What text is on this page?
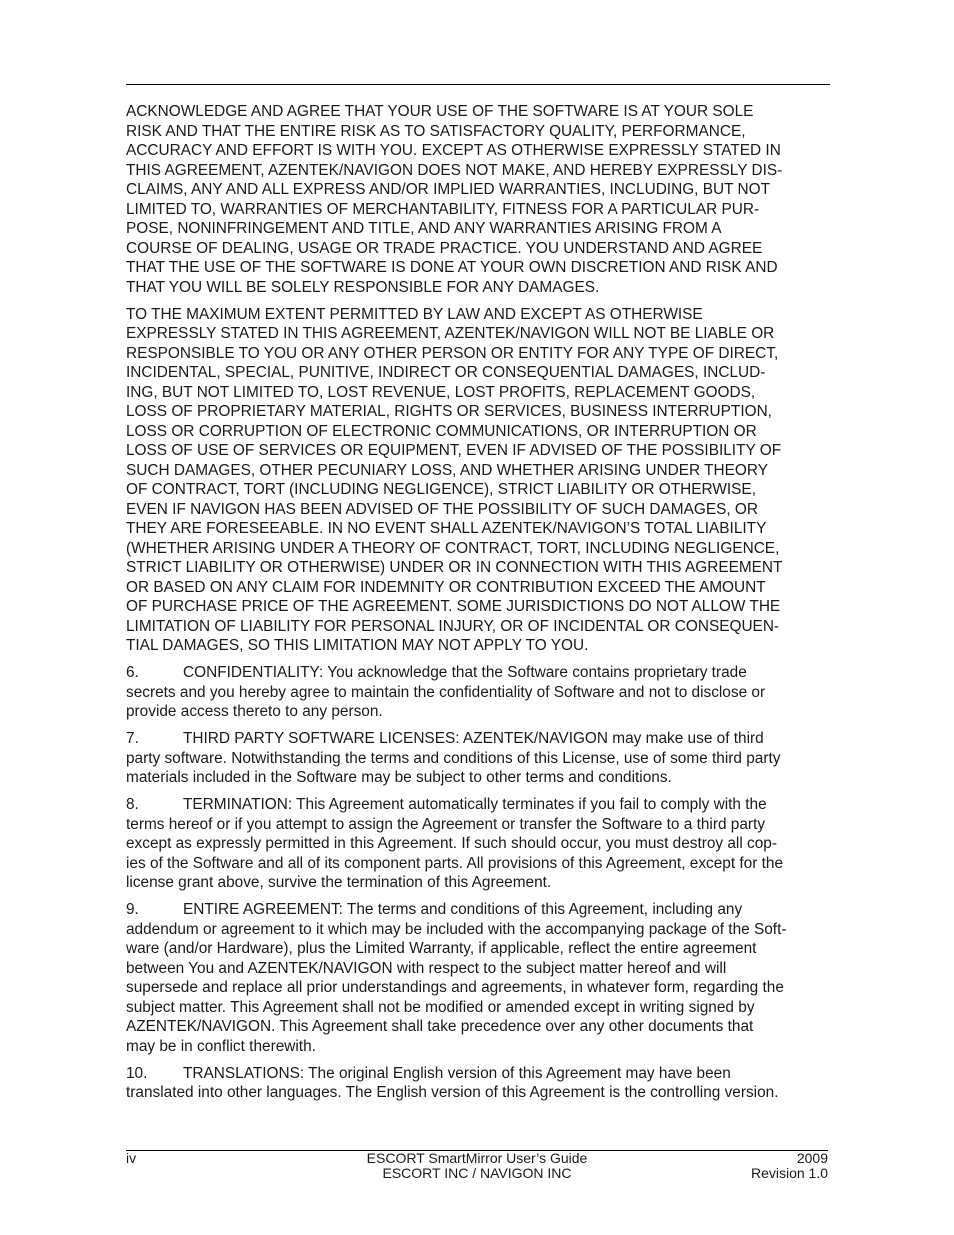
ACKNOWLEDGE AND AGREE THAT YOUR USE OF THE SOFTWARE IS AT YOUR SOLE
RISK AND THAT THE ENTIRE RISK AS TO SATISFACTORY QUALITY, PERFORMANCE,
ACCURACY AND EFFORT IS WITH YOU. EXCEPT AS OTHERWISE EXPRESSLY STATED IN
THIS AGREEMENT, AZENTEK/NAVIGON DOES NOT MAKE, AND HEREBY EXPRESSLY DIS-
CLAIMS, ANY AND ALL EXPRESS AND/OR IMPLIED WARRANTIES, INCLUDING, BUT NOT
LIMITED TO, WARRANTIES OF MERCHANTABILITY, FITNESS FOR A PARTICULAR PUR-
POSE, NONINFRINGEMENT AND TITLE, AND ANY WARRANTIES ARISING FROM A
COURSE OF DEALING, USAGE OR TRADE PRACTICE. YOU UNDERSTAND AND AGREE
THAT THE USE OF THE SOFTWARE IS DONE AT YOUR OWN DISCRETION AND RISK AND
THAT YOU WILL BE SOLELY RESPONSIBLE FOR ANY DAMAGES.

TO THE MAXIMUM EXTENT PERMITTED BY LAW AND EXCEPT AS OTHERWISE
EXPRESSLY STATED IN THIS AGREEMENT, AZENTEK/NAVIGON WILL NOT BE LIABLE OR
RESPONSIBLE TO YOU OR ANY OTHER PERSON OR ENTITY FOR ANY TYPE OF DIRECT,
INCIDENTAL, SPECIAL, PUNITIVE, INDIRECT OR CONSEQUENTIAL DAMAGES, INCLUD-
ING, BUT NOT LIMITED TO, LOST REVENUE, LOST PROFITS, REPLACEMENT GOODS,
LOSS OF PROPRIETARY MATERIAL, RIGHTS OR SERVICES, BUSINESS INTERRUPTION,
LOSS OR CORRUPTION OF ELECTRONIC COMMUNICATIONS, OR INTERRUPTION OR
LOSS OF USE OF SERVICES OR EQUIPMENT, EVEN IF ADVISED OF THE POSSIBILITY OF
SUCH DAMAGES, OTHER PECUNIARY LOSS, AND WHETHER ARISING UNDER THEORY
OF CONTRACT, TORT (INCLUDING NEGLIGENCE), STRICT LIABILITY OR OTHERWISE,
EVEN IF NAVIGON HAS BEEN ADVISED OF THE POSSIBILITY OF SUCH DAMAGES, OR
THEY ARE FORESEEABLE. IN NO EVENT SHALL AZENTEK/NAVIGON’S TOTAL LIABILITY
(WHETHER ARISING UNDER A THEORY OF CONTRACT, TORT, INCLUDING NEGLIGENCE,
STRICT LIABILITY OR OTHERWISE) UNDER OR IN CONNECTION WITH THIS AGREEMENT
OR BASED ON ANY CLAIM FOR INDEMNITY OR CONTRIBUTION EXCEED THE AMOUNT
OF PURCHASE PRICE OF THE AGREEMENT. SOME JURISDICTIONS DO NOT ALLOW THE
LIMITATION OF LIABILITY FOR PERSONAL INJURY, OR OF INCIDENTAL OR CONSEQUEN-
TIAL DAMAGES, SO THIS LIMITATION MAY NOT APPLY TO YOU.

6.	CONFIDENTIALITY: You acknowledge that the Software contains proprietary trade
secrets and you hereby agree to maintain the confidentiality of Software and not to disclose or
provide access thereto to any person.

7.	THIRD PARTY SOFTWARE LICENSES: AZENTEK/NAVIGON may make use of third
party software. Notwithstanding the terms and conditions of this License, use of some third party
materials included in the Software may be subject to other terms and conditions.

8.	TERMINATION: This Agreement automatically terminates if you fail to comply with the
terms hereof or if you attempt to assign the Agreement or transfer the Software to a third party
except as expressly permitted in this Agreement. If such should occur, you must destroy all cop-
ies of the Software and all of its component parts. All provisions of this Agreement, except for the
license grant above, survive the termination of this Agreement.

9.	ENTIRE AGREEMENT: The terms and conditions of this Agreement, including any
addendum or agreement to it which may be included with the accompanying package of the Soft-
ware (and/or Hardware), plus the Limited Warranty, if applicable, reflect the entire agreement
between You and AZENTEK/NAVIGON with respect to the subject matter hereof and will
supersede and replace all prior understandings and agreements, in whatever form, regarding the
subject matter. This Agreement shall not be modified or amended except in writing signed by
AZENTEK/NAVIGON. This Agreement shall take precedence over any other documents that
may be in conflict therewith.

10. TRANSLATIONS: The original English version of this Agreement may have been
translated into other languages. The English version of this Agreement is the controlling version.

iv	ESCORT SmartMirror User’s Guide
ESCORT INC / NAVIGON INC
2009
Revision 1.0
